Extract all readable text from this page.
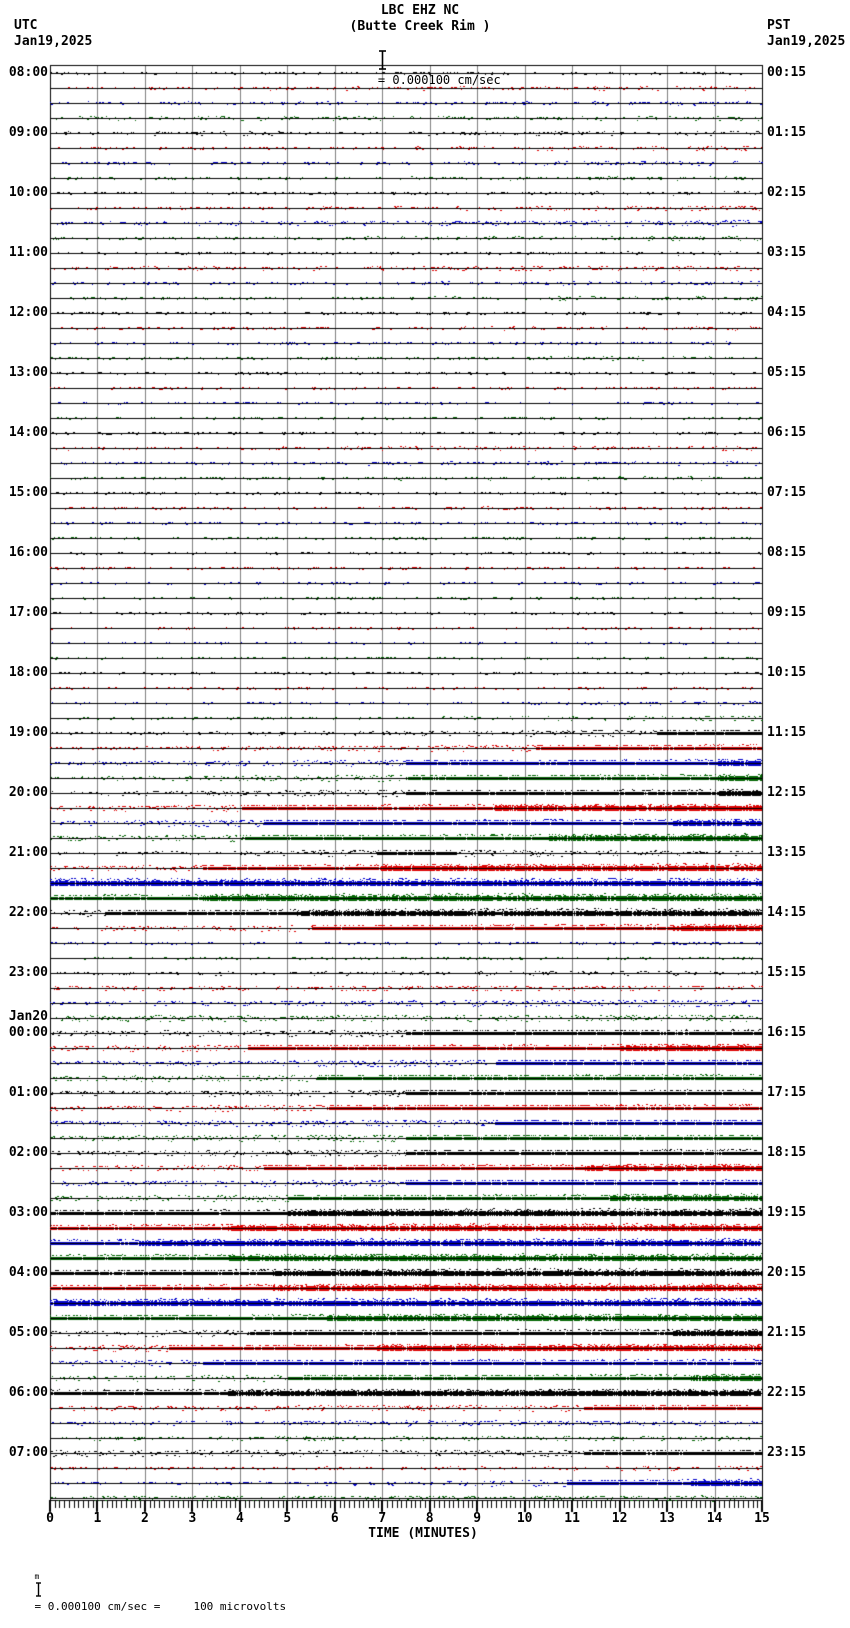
UTC
Jan19,2025
PST
Jan19,2025
LBC EHZ NC
(Butte Creek Rim )

= 0.000100 cm/sec

08:00
09:00
10:00
11:00
12:00
13:00
14:00
15:00
16:00
17:00
18:00
19:00
20:00
21:00
22:00
23:00
Jan20
00:00
01:00
02:00
03:00
04:00
05:00
06:00
07:00
00:15
01:15
02:15
03:15
04:15
05:15
06:15
07:15
08:15
09:15
10:15
11:15
12:15
13:15
14:15
15:15
16:15
17:15
18:15
19:15
20:15
21:15
22:15
23:15
0	1	2	3	4	5	6	7	8	9	10	11	12	13	14	15
TIME (MINUTES)

m

= 0.000100 cm/sec =     100 microvolts
